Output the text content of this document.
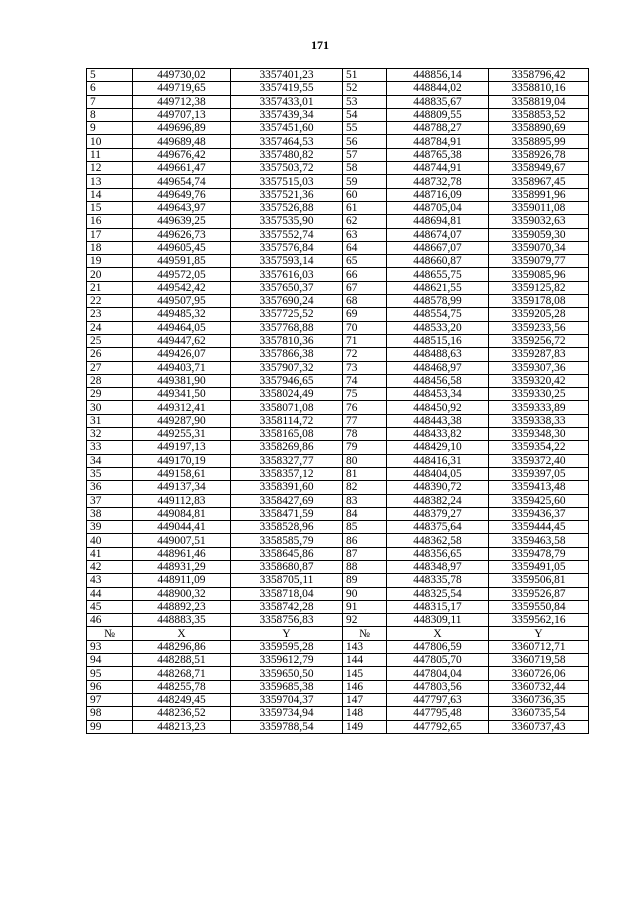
171
5	449730,02	3357401,23	51	448856,14	3358796,42
6	449719,65	3357419,55	52	448844,02	3358810,16
7	449712,38	3357433,01	53	448835,67	3358819,04
8	449707,13	3357439,34	54	448809,55	3358853,52
9	449696,89	3357451,60	55	448788,27	3358890,69
10	449689,48	3357464,53	56	448784,91	3358895,99
11	449676,42	3357480,82	57	448765,38	3358926,78
12	449661,47	3357503,72	58	448744,91	3358949,67
13	449654,74	3357515,03	59	448732,78	3358967,45
14	449649,76	3357521,36	60	448716,09	3358991,96
15	449643,97	3357526,88	61	448705,04	3359011,08
16	449639,25	3357535,90	62	448694,81	3359032,63
17	449626,73	3357552,74	63	448674,07	3359059,30
18	449605,45	3357576,84	64	448667,07	3359070,34
19	449591,85	3357593,14	65	448660,87	3359079,77
20	449572,05	3357616,03	66	448655,75	3359085,96
21	449542,42	3357650,37	67	448621,55	3359125,82
22	449507,95	3357690,24	68	448578,99	3359178,08
23	449485,32	3357725,52	69	448554,75	3359205,28
24	449464,05	3357768,88	70	448533,20	3359233,56
25	449447,62	3357810,36	71	448515,16	3359256,72
26	449426,07	3357866,38	72	448488,63	3359287,83
27	449403,71	3357907,32	73	448468,97	3359307,36
28	449381,90	3357946,65	74	448456,58	3359320,42
29	449341,50	3358024,49	75	448453,34	3359330,25
30	449312,41	3358071,08	76	448450,92	3359333,89
31	449287,90	3358114,72	77	448443,38	3359338,33
32	449255,31	3358165,08	78	448433,82	3359348,30
33	449197,13	3358269,86	79	448429,10	3359354,22
34	449170,19	3358327,77	80	448416,31	3359372,40
35	449158,61	3358357,12	81	448404,05	3359397,05
36	449137,34	3358391,60	82	448390,72	3359413,48
37	449112,83	3358427,69	83	448382,24	3359425,60
38	449084,81	3358471,59	84	448379,27	3359436,37
39	449044,41	3358528,96	85	448375,64	3359444,45
40	449007,51	3358585,79	86	448362,58	3359463,58
41	448961,46	3358645,86	87	448356,65	3359478,79
42	448931,29	3358680,87	88	448348,97	3359491,05
43	448911,09	3358705,11	89	448335,78	3359506,81
44	448900,32	3358718,04	90	448325,54	3359526,87
45	448892,23	3358742,28	91	448315,17	3359550,84
46	448883,35	3358756,83	92	448309,11	3359562,16
№	X	Y	№	X	Y
93	448296,86	3359595,28	143	447806,59	3360712,71
94	448288,51	3359612,79	144	447805,70	3360719,58
95	448268,71	3359650,50	145	447804,04	3360726,06
96	448255,78	3359685,38	146	447803,56	3360732,44
97	448249,45	3359704,37	147	447797,63	3360736,35
98	448236,52	3359734,94	148	447795,48	3360735,54
99	448213,23	3359788,54	149	447792,65	3360737,43
